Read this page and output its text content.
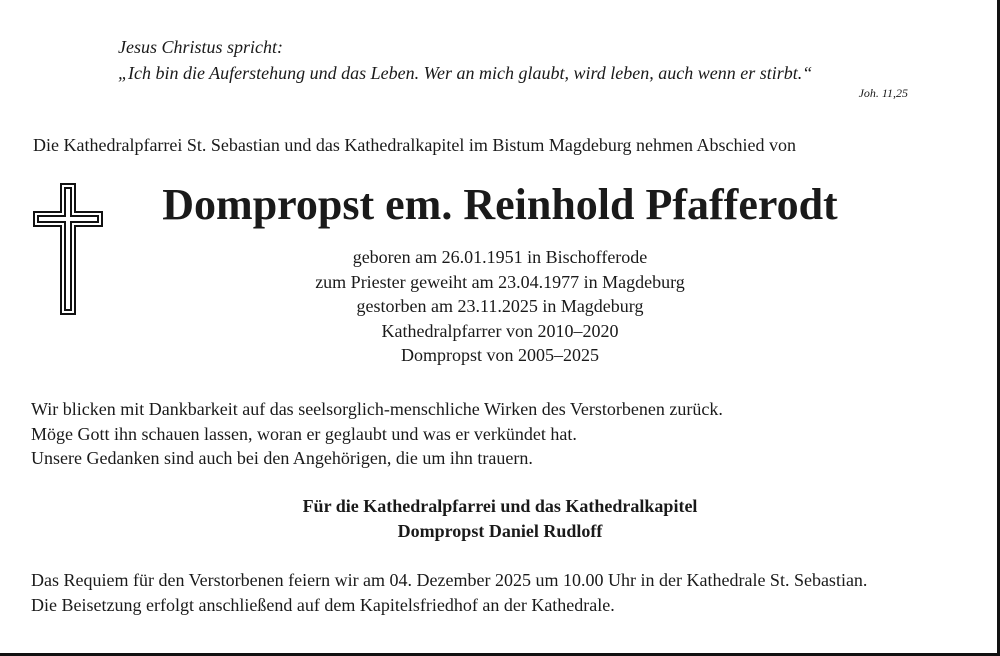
Jesus Christus spricht:
„Ich bin die Auferstehung und das Leben. Wer an mich glaubt, wird leben, auch wenn er stirbt.“
Joh. 11,25
Die Kathedralpfarrei St. Sebastian und das Kathedralkapitel im Bistum Magdeburg nehmen Abschied von
Dompropst em. Reinhold Pfafferodt
geboren am 26.01.1951 in Bischofferode
zum Priester geweiht am 23.04.1977 in Magdeburg
gestorben am 23.11.2025 in Magdeburg
Kathedralpfarrer von 2010–2020
Dompropst von 2005–2025
Wir blicken mit Dankbarkeit auf das seelsorglich-menschliche Wirken des Verstorbenen zurück.
Möge Gott ihn schauen lassen, woran er geglaubt und was er verkündet hat.
Unsere Gedanken sind auch bei den Angehörigen, die um ihn trauern.
Für die Kathedralpfarrei und das Kathedralkapitel
Dompropst Daniel Rudloff
Das Requiem für den Verstorbenen feiern wir am 04. Dezember 2025 um 10.00 Uhr in der Kathedrale St. Sebastian.
Die Beisetzung erfolgt anschließend auf dem Kapitelsfriedhof an der Kathedrale.
